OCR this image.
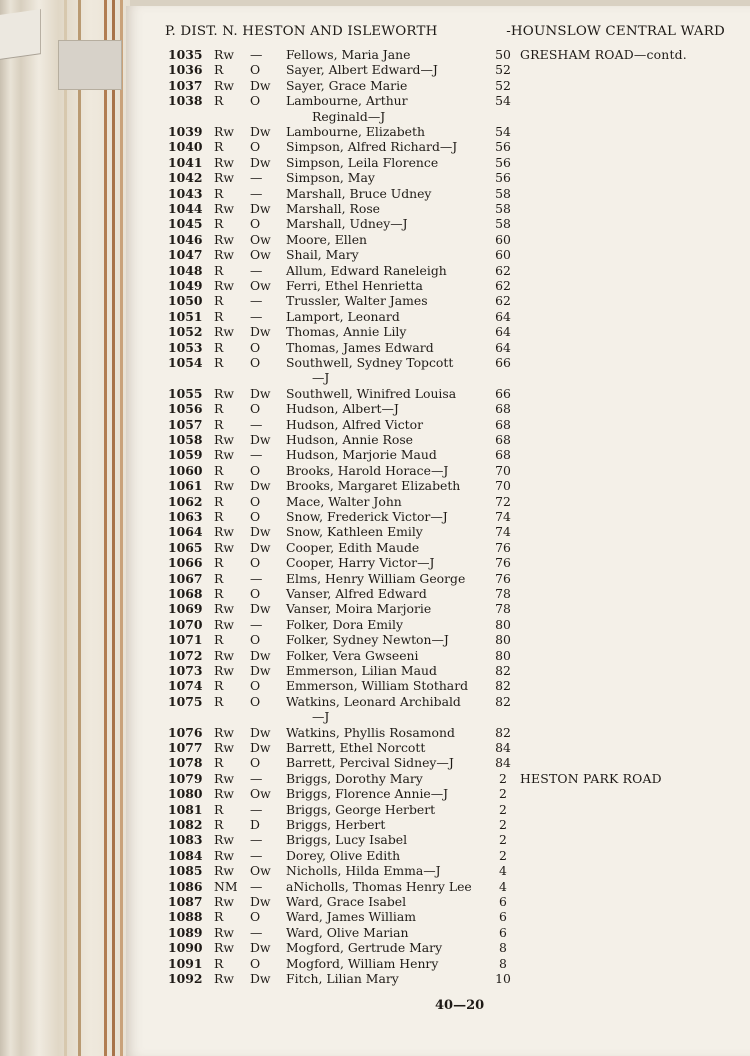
P. DIST. N. HESTON AND ISLEWORTH	-HOUNSLOW CENTRAL WARD
1035 Rw — Fellows, Maria Jane	50 GRESHAM ROAD—contd.
1036 R O Sayer, Albert Edward—J	52
1037 Rw Dw Sayer, Grace Marie	52
1038 R O Lambourne, Arthur	54
Reginald—J
1039 Rw Dw Lambourne, Elizabeth	54
1040 R O Simpson, Alfred Richard—J	56
1041 Rw Dw Simpson, Leila Florence	56
1042 Rw — Simpson, May	56
1043 R — Marshall, Bruce Udney	58
1044 Rw Dw Marshall, Rose	58
1045 R O Marshall, Udney—J	58
1046 Rw Ow Moore, Ellen	60
1047 Rw Ow Shail, Mary	60
1048 R — Allum, Edward Raneleigh	62
1049 Rw Ow Ferri, Ethel Henrietta	62
1050 R — Trussler, Walter James	62
1051 R — Lamport, Leonard	64
1052 Rw Dw Thomas, Annie Lily	64
1053 R O Thomas, James Edward	64
1054 R O Southwell, Sydney Topcott	66
—J
1055 Rw Dw Southwell, Winifred Louisa	66
1056 R O Hudson, Albert—J	68
1057 R — Hudson, Alfred Victor	68
1058 Rw Dw Hudson, Annie Rose	68
1059 Rw — Hudson, Marjorie Maud	68
1060 R O Brooks, Harold Horace—J	70
1061 Rw Dw Brooks, Margaret Elizabeth	70
1062 R O Mace, Walter John	72
1063 R O Snow, Frederick Victor—J	74
1064 Rw Dw Snow, Kathleen Emily	74
1065 Rw Dw Cooper, Edith Maude	76
1066 R O Cooper, Harry Victor—J	76
1067 R — Elms, Henry William George	76
1068 R O Vanser, Alfred Edward	78
1069 Rw Dw Vanser, Moira Marjorie	78
1070 Rw — Folker, Dora Emily	80
1071 R O Folker, Sydney Newton—J	80
1072 Rw Dw Folker, Vera Gwseeni	80
1073 Rw Dw Emmerson, Lilian Maud	82
1074 R O Emmerson, William Stothard	82
1075 R O Watkins, Leonard Archibald	82
—J
1076 Rw Dw Watkins, Phyllis Rosamond	82
1077 Rw Dw Barrett, Ethel Norcott	84
1078 R O Barrett, Percival Sidney—J	84
1079 Rw — Briggs, Dorothy Mary	2	HESTON PARK ROAD
1080 Rw Ow Briggs, Florence Annie—J	2
1081 R — Briggs, George Herbert	2
1082 R D Briggs, Herbert	2
1083 Rw — Briggs, Lucy Isabel	2
1084 Rw — Dorey, Olive Edith	2
1085 Rw Ow Nicholls, Hilda Emma—J	4
1086 NM — aNicholls, Thomas Henry Lee	4
1087 Rw Dw Ward, Grace Isabel	6
1088 R O Ward, James William	6
1089 Rw — Ward, Olive Marian	6
1090 Rw Dw Mogford, Gertrude Mary	8
1091 R O Mogford, William Henry	8
1092 Rw Dw Fitch, Lilian Mary	10
40—20
